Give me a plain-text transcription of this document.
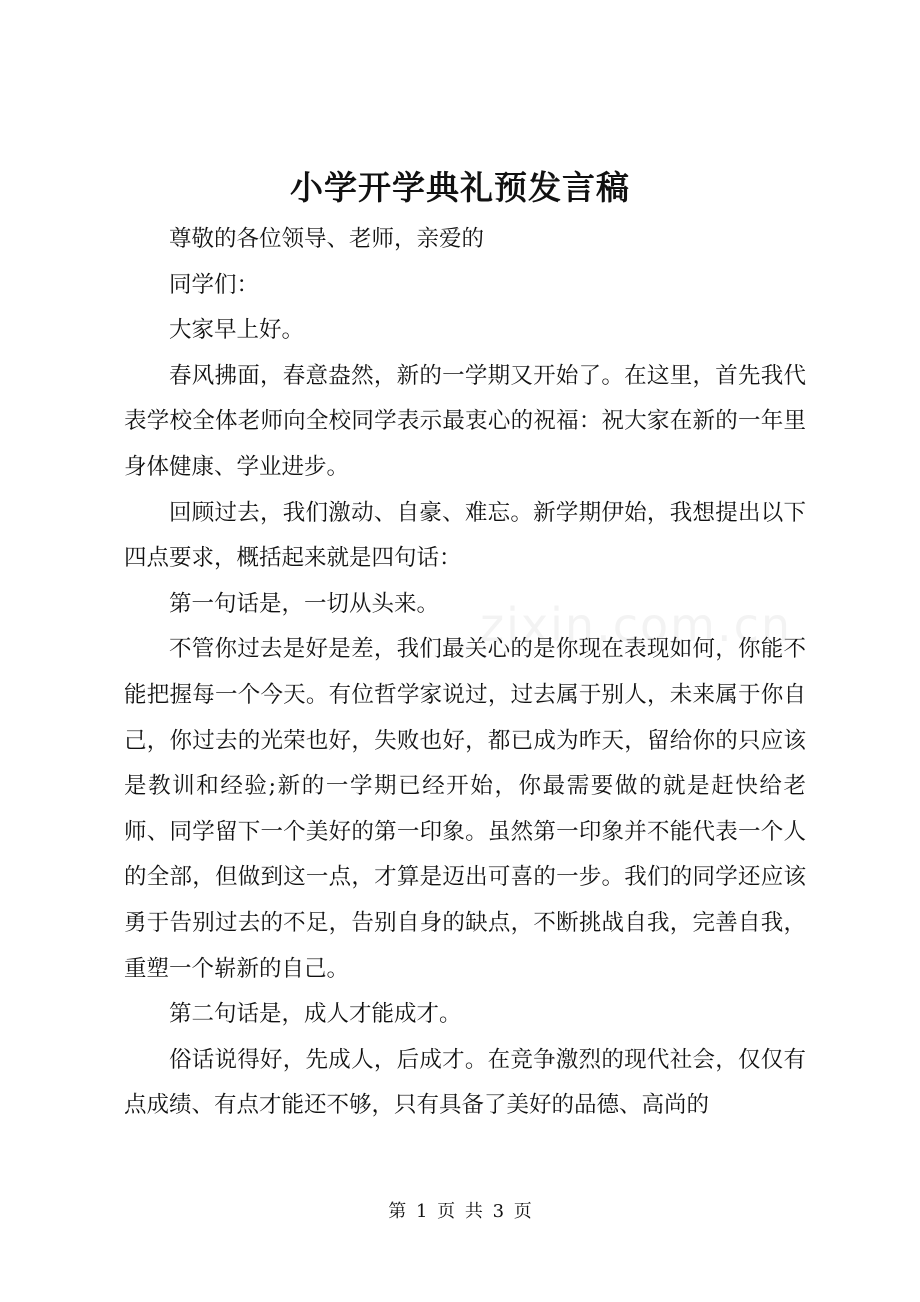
小学开学典礼预发言稿

尊敬的各位领导、老师，亲爱的

同学们：

大家早上好。

春风拂面，春意盎然，新的一学期又开始了。在这里，首先我代表学校全体老师向全校同学表示最衷心的祝福：祝大家在新的一年里身体健康、学业进步。

回顾过去，我们激动、自豪、难忘。新学期伊始，我想提出以下四点要求，概括起来就是四句话：

第一句话是，一切从头来。

不管你过去是好是差，我们最关心的是你现在表现如何，你能不能把握每一个今天。有位哲学家说过，过去属于别人，未来属于你自己，你过去的光荣也好，失败也好，都已成为昨天，留给你的只应该是教训和经验;新的一学期已经开始，你最需要做的就是赶快给老师、同学留下一个美好的第一印象。虽然第一印象并不能代表一个人的全部，但做到这一点，才算是迈出可喜的一步。我们的同学还应该勇于告别过去的不足，告别自身的缺点，不断挑战自我，完善自我，重塑一个崭新的自己。

第二句话是，成人才能成才。

俗话说得好，先成人，后成才。在竞争激烈的现代社会，仅仅有点成绩、有点才能还不够，只有具备了美好的品德、高尚的

zixin.com.cn
第 1 页 共 3 页
